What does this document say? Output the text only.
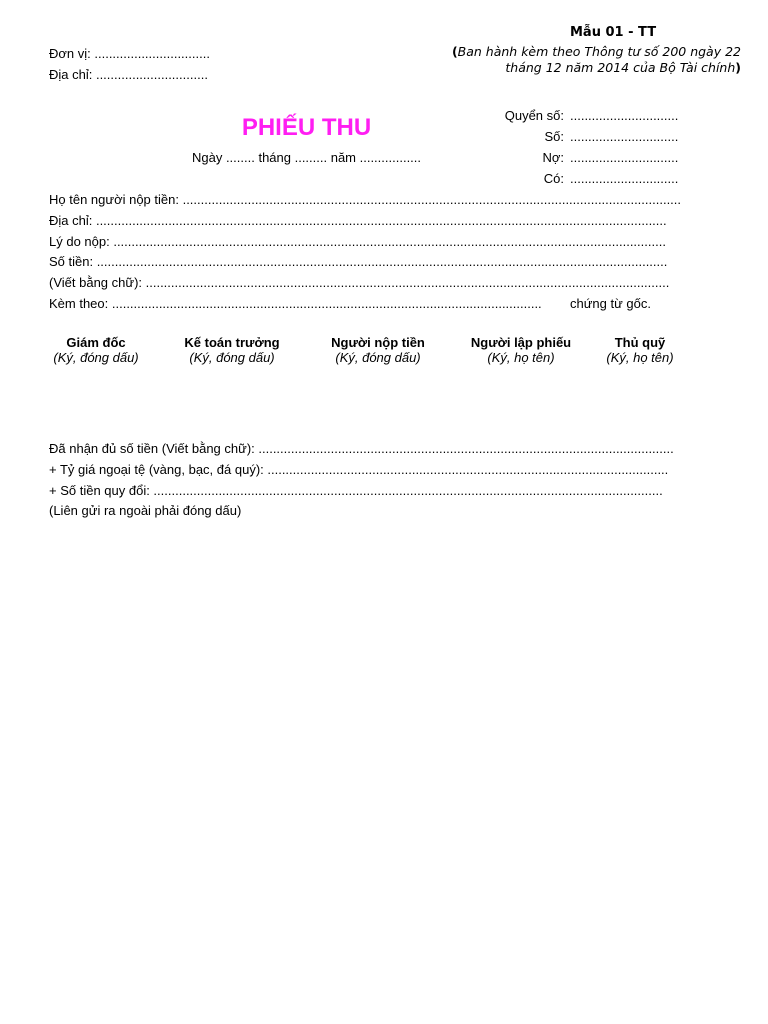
Đơn vị: ................................
Địa chỉ: ...............................
Mẫu 01 - TT
(Ban hành kèm theo Thông tư số 200 ngày 22
tháng 12 năm 2014 của Bộ Tài chính)
PHIẾU THU
Ngày ........ tháng ......... năm .................
Quyển số: ..............................
Số: ..............................
Nợ: ..............................
Có: ..............................
Họ tên người nộp tiền: ..........................................................................................................................................
Địa chỉ: ..............................................................................................................................................................
Lý do nộp: .........................................................................................................................................................
Số tiền: ..............................................................................................................................................................
(Viết bằng chữ): .................................................................................................................................................
Kèm theo: ....................................................................................................................... chứng từ gốc.
Giám đốc
(Ký, đóng dấu)
Kế toán trưởng
(Ký, đóng dấu)
Người nộp tiền
(Ký, đóng dấu)
Người lập phiếu
(Ký, họ tên)
Thủ quỹ
(Ký, họ tên)
Đã nhận đủ số tiền (Viết bằng chữ): ...................................................................................................................
+ Tỷ giá ngoại tệ (vàng, bạc, đá quý): ...............................................................................................................
+ Số tiền quy đổi: .............................................................................................................................................
(Liên gửi ra ngoài phải đóng dấu)
